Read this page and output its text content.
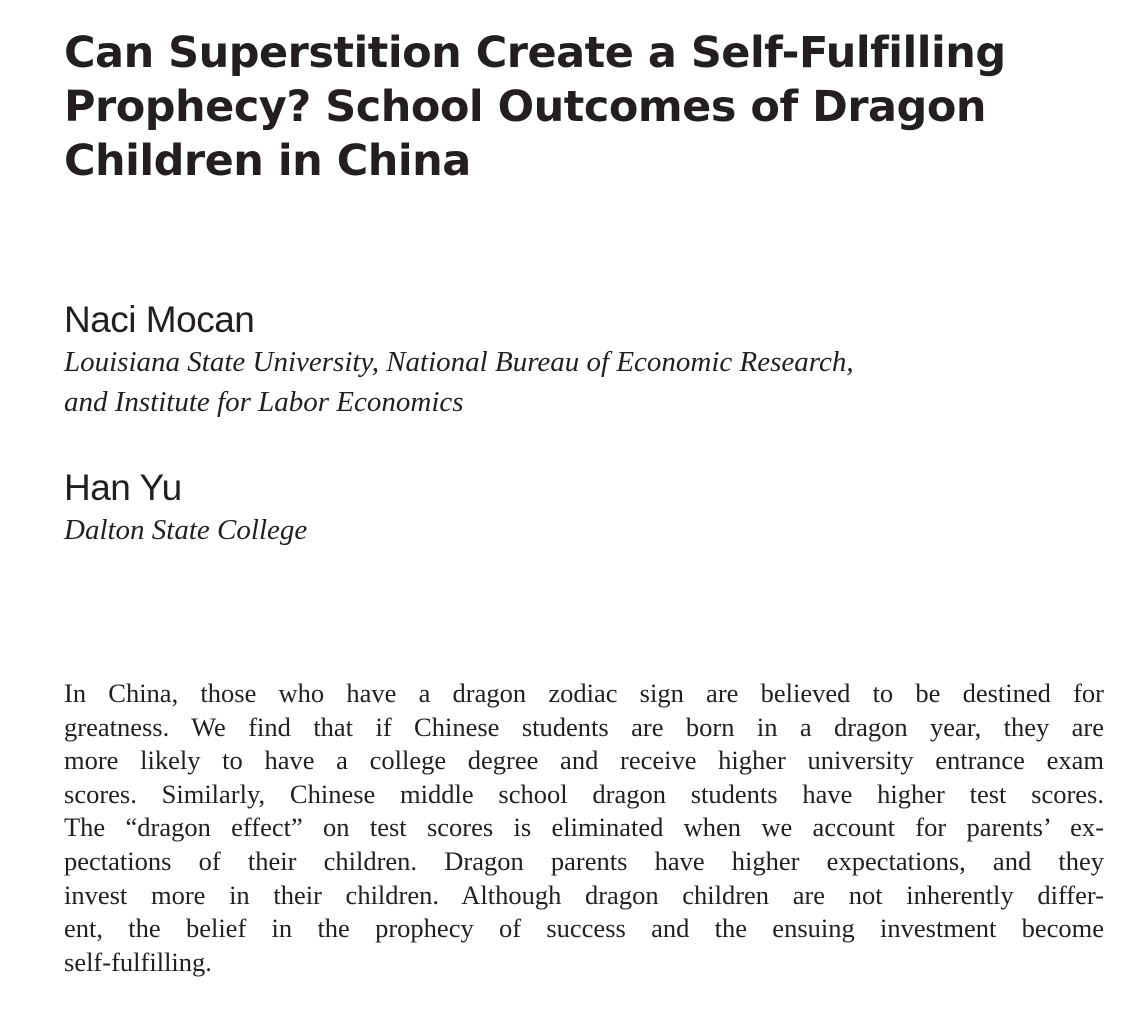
Can Superstition Create a Self-Fulfilling
Prophecy? School Outcomes of Dragon
Children in China
Naci Mocan
Louisiana State University, National Bureau of Economic Research,
and Institute for Labor Economics
Han Yu
Dalton State College
In China, those who have a dragon zodiac sign are believed to be destined for
greatness. We find that if Chinese students are born in a dragon year, they are
more likely to have a college degree and receive higher university entrance exam
scores. Similarly, Chinese middle school dragon students have higher test scores.
The “dragon effect” on test scores is eliminated when we account for parents’ ex-
pectations of their children. Dragon parents have higher expectations, and they
invest more in their children. Although dragon children are not inherently differ-
ent, the belief in the prophecy of success and the ensuing investment become
self-fulfilling.
